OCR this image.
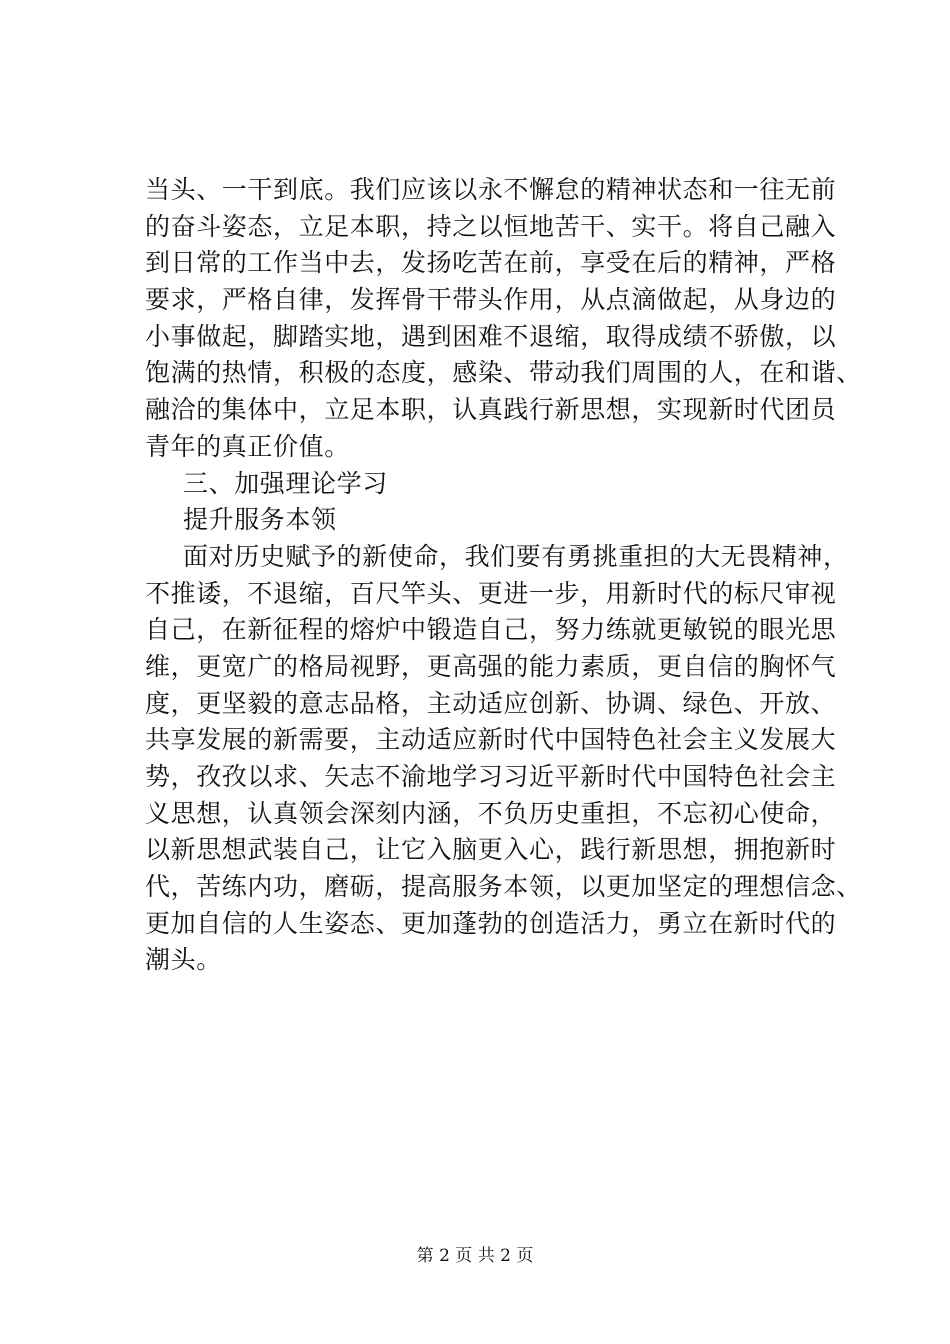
当头、一干到底。我们应该以永不懈怠的精神状态和一往无前
的奋斗姿态，立足本职，持之以恒地苦干、实干。将自己融入
到日常的工作当中去，发扬吃苦在前，享受在后的精神，严格
要求，严格自律，发挥骨干带头作用，从点滴做起，从身边的
小事做起，脚踏实地，遇到困难不退缩，取得成绩不骄傲，以
饱满的热情，积极的态度，感染、带动我们周围的人，在和谐、
融洽的集体中，立足本职，认真践行新思想，实现新时代团员
青年的真正价值。
三、加强理论学习
提升服务本领
面对历史赋予的新使命，我们要有勇挑重担的大无畏精神，
不推诿，不退缩，百尺竿头、更进一步，用新时代的标尺审视
自己，在新征程的熔炉中锻造自己，努力练就更敏锐的眼光思
维，更宽广的格局视野，更高强的能力素质，更自信的胸怀气
度，更坚毅的意志品格，主动适应创新、协调、绿色、开放、
共享发展的新需要，主动适应新时代中国特色社会主义发展大
势，孜孜以求、矢志不渝地学习习近平新时代中国特色社会主
义思想，认真领会深刻内涵，不负历史重担，不忘初心使命，
以新思想武装自己，让它入脑更入心，践行新思想，拥抱新时
代，苦练内功，磨砺，提高服务本领，以更加坚定的理想信念、
更加自信的人生姿态、更加蓬勃的创造活力，勇立在新时代的
潮头。
第 2 页 共 2 页
